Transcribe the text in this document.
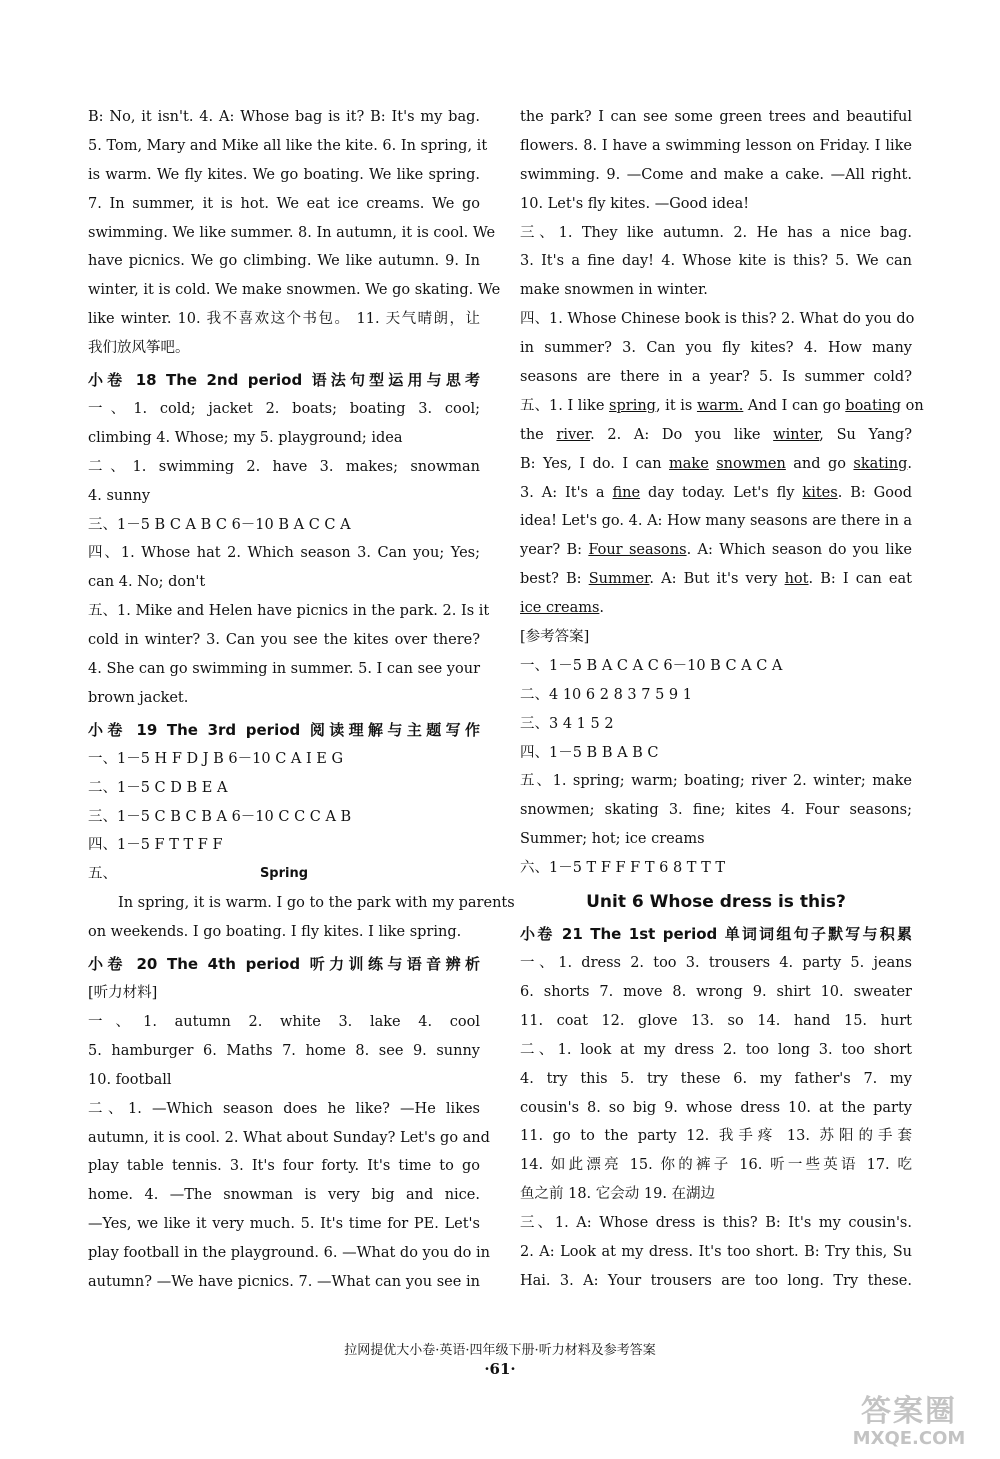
B: No, it isn't. 4. A: Whose bag is it? B: It's my bag.
5. Tom, Mary and Mike all like the kite. 6. In spring, it
is warm. We fly kites. We go boating. We like spring.
7. In summer, it is hot. We eat ice creams. We go
swimming. We like summer. 8. In autumn, it is cool. We
have picnics. We go climbing. We like autumn. 9. In
winter, it is cold. We make snowmen. We go skating. We
like winter. 10. 我不喜欢这个书包。 11. 天气晴朗，让
我们放风筝吧。
小卷 18 The 2nd period 语法句型运用与思考
一、1. cold; jacket 2. boats; boating 3. cool;
climbing 4. Whose; my 5. playground; idea
二、1. swimming 2. have 3. makes; snowman
4. sunny
三、1－5 B C A B C 6－10 B A C C A
四、1. Whose hat 2. Which season 3. Can you; Yes;
can 4. No; don't
五、1. Mike and Helen have picnics in the park. 2. Is it
cold in winter? 3. Can you see the kites over there?
4. She can go swimming in summer. 5. I can see your
brown jacket.
小卷 19 The 3rd period 阅读理解与主题写作
一、1－5 H F D J B 6－10 C A I E G
二、1－5 C D B E A
三、1－5 C B C B A 6－10 C C C A B
四、1－5 F T T F F
五、	Spring
In spring, it is warm. I go to the park with my parents
on weekends. I go boating. I fly kites. I like spring.
小卷 20 The 4th period 听力训练与语音辨析
[听力材料]
一、1. autumn 2. white 3. lake 4. cool
5. hamburger 6. Maths 7. home 8. see 9. sunny
10. football
二、1. —Which season does he like? —He likes
autumn, it is cool. 2. What about Sunday? Let's go and
play table tennis. 3. It's four forty. It's time to go
home. 4. —The snowman is very big and nice.
—Yes, we like it very much. 5. It's time for PE. Let's
play football in the playground. 6. —What do you do in
autumn? —We have picnics. 7. —What can you see in
the park? I can see some green trees and beautiful
flowers. 8. I have a swimming lesson on Friday. I like
swimming. 9. —Come and make a cake. —All right.
10. Let's fly kites. —Good idea!
三、1. They like autumn. 2. He has a nice bag.
3. It's a fine day! 4. Whose kite is this? 5. We can
make snowmen in winter.
四、1. Whose Chinese book is this? 2. What do you do
in summer? 3. Can you fly kites? 4. How many
seasons are there in a year? 5. Is summer cold?
五、1. I like spring, it is warm. And I can go boating on
the river. 2. A: Do you like winter, Su Yang?
B: Yes, I do. I can make snowmen and go skating.
3. A: It's a fine day today. Let's fly kites. B: Good
idea! Let's go. 4. A: How many seasons are there in a
year? B: Four seasons. A: Which season do you like
best? B: Summer. A: But it's very hot. B: I can eat
ice creams.
[参考答案]
一、1－5 B A C A C 6－10 B C A C A
二、4 10 6 2 8 3 7 5 9 1
三、3 4 1 5 2
四、1－5 B B A B C
五、1. spring; warm; boating; river 2. winter; make
snowmen; skating 3. fine; kites 4. Four seasons;
Summer; hot; ice creams
六、1－5 T F F F T 6 8 T T T
Unit 6 Whose dress is this?
小卷 21 The 1st period 单词词组句子默写与积累
一、1. dress 2. too 3. trousers 4. party 5. jeans
6. shorts 7. move 8. wrong 9. shirt 10. sweater
11. coat 12. glove 13. so 14. hand 15. hurt
二、1. look at my dress 2. too long 3. too short
4. try this 5. try these 6. my father's 7. my
cousin's 8. so big 9. whose dress 10. at the party
11. go to the party 12. 我手疼 13. 苏阳的手套
14. 如此漂亮 15. 你的裤子 16. 听一些英语 17. 吃
鱼之前 18. 它会动 19. 在湖边
三、1. A: Whose dress is this? B: It's my cousin's.
2. A: Look at my dress. It's too short. B: Try this, Su
Hai. 3. A: Your trousers are too long. Try these.
拉网提优大小卷·英语·四年级下册·听力材料及参考答案
·61·
答案圈
MXQE.COM
